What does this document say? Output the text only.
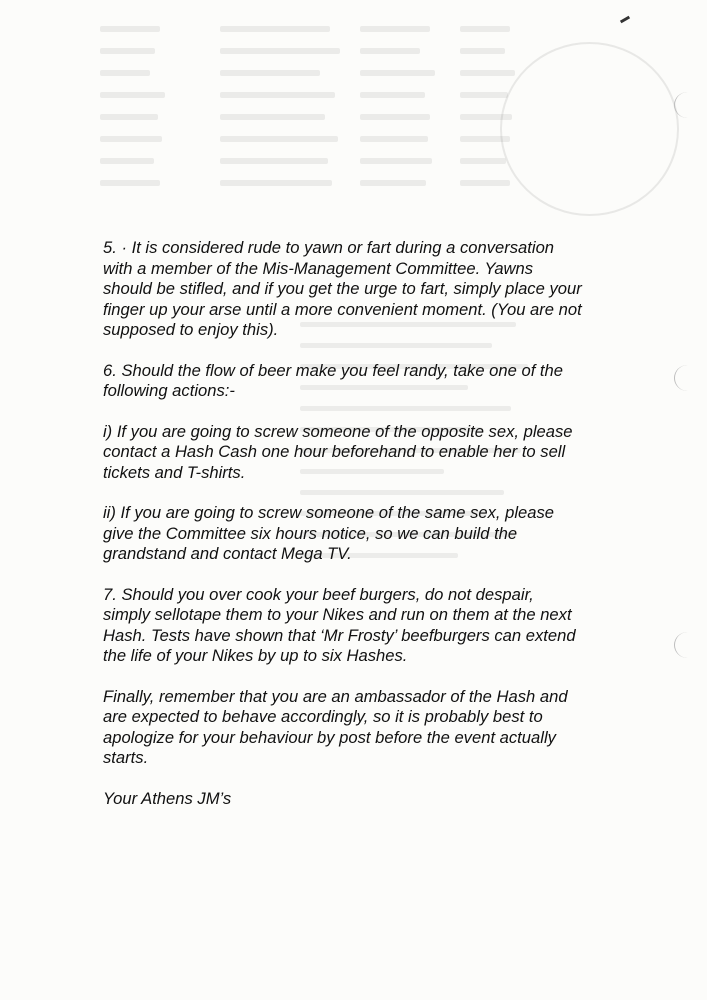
5. · It is considered rude to yawn or fart during a conversation with a member of the Mis-Management Committee. Yawns should be stifled, and if you get the urge to fart, simply place your finger up your arse until a more convenient moment. (You are not supposed to enjoy this).

6. Should the flow of beer make you feel randy, take one of the following actions:-

i) If you are going to screw someone of the opposite sex, please contact a Hash Cash one hour beforehand to enable her to sell tickets and T-shirts.

ii) If you are going to screw someone of the same sex, please give the Committee six hours notice, so we can build the grandstand and contact Mega TV.

7. Should you over cook your beef burgers, do not despair, simply sellotape them to your Nikes and run on them at the next Hash. Tests have shown that ‘Mr Frosty’ beefburgers can extend the life of your Nikes by up to six Hashes.

Finally, remember that you are an ambassador of the Hash and are expected to behave accordingly, so it is probably best to apologize for your behaviour by post before the event actually starts.

Your Athens JM’s
